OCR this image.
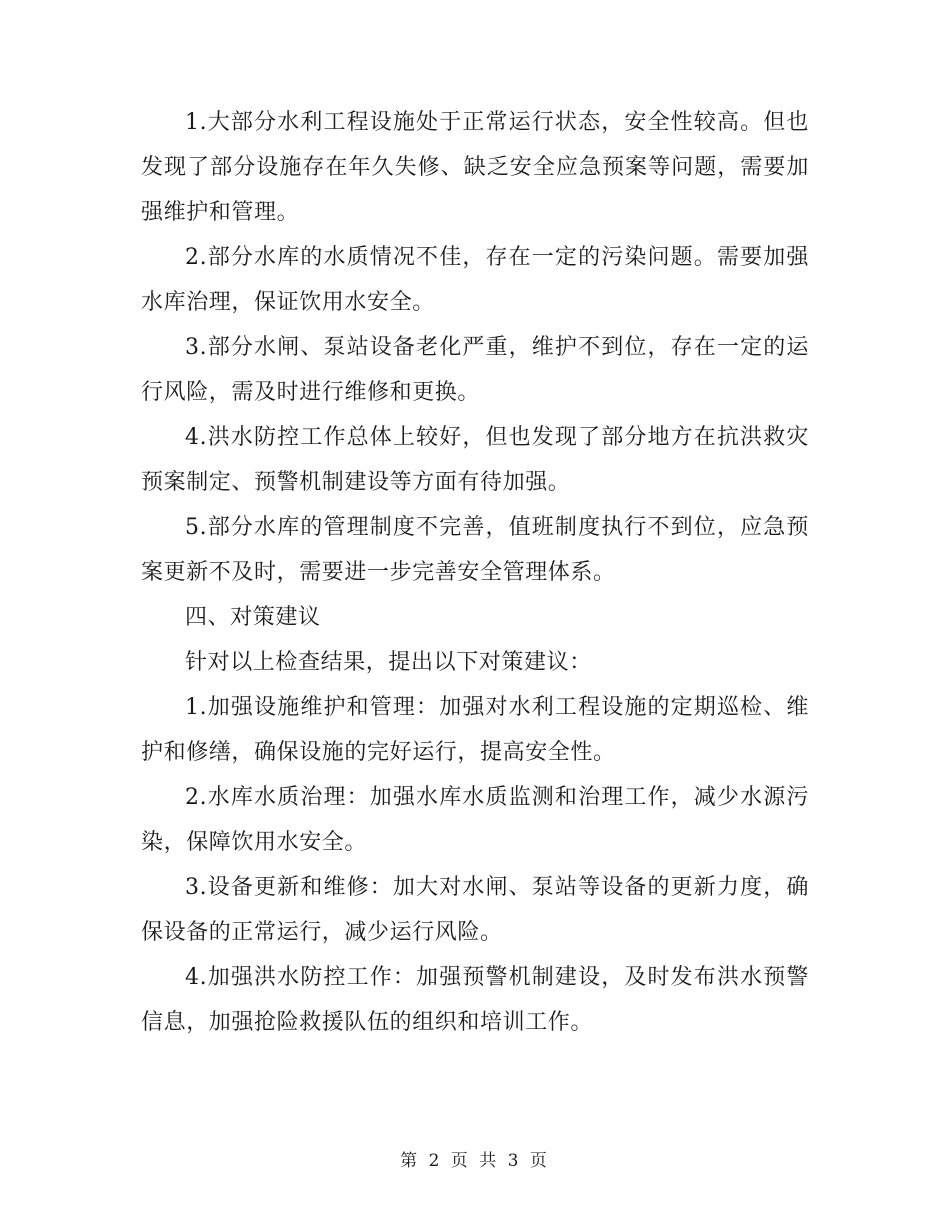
1.大部分水利工程设施处于正常运行状态，安全性较高。但也发现了部分设施存在年久失修、缺乏安全应急预案等问题，需要加强维护和管理。

2.部分水库的水质情况不佳，存在一定的污染问题。需要加强水库治理，保证饮用水安全。

3.部分水闸、泵站设备老化严重，维护不到位，存在一定的运行风险，需及时进行维修和更换。

4.洪水防控工作总体上较好，但也发现了部分地方在抗洪救灾预案制定、预警机制建设等方面有待加强。

5.部分水库的管理制度不完善，值班制度执行不到位，应急预案更新不及时，需要进一步完善安全管理体系。

四、对策建议

针对以上检查结果，提出以下对策建议：

1.加强设施维护和管理：加强对水利工程设施的定期巡检、维护和修缮，确保设施的完好运行，提高安全性。

2.水库水质治理：加强水库水质监测和治理工作，减少水源污染，保障饮用水安全。

3.设备更新和维修：加大对水闸、泵站等设备的更新力度，确保设备的正常运行，减少运行风险。

4.加强洪水防控工作：加强预警机制建设，及时发布洪水预警信息，加强抢险救援队伍的组织和培训工作。

第 2 页 共 3 页
